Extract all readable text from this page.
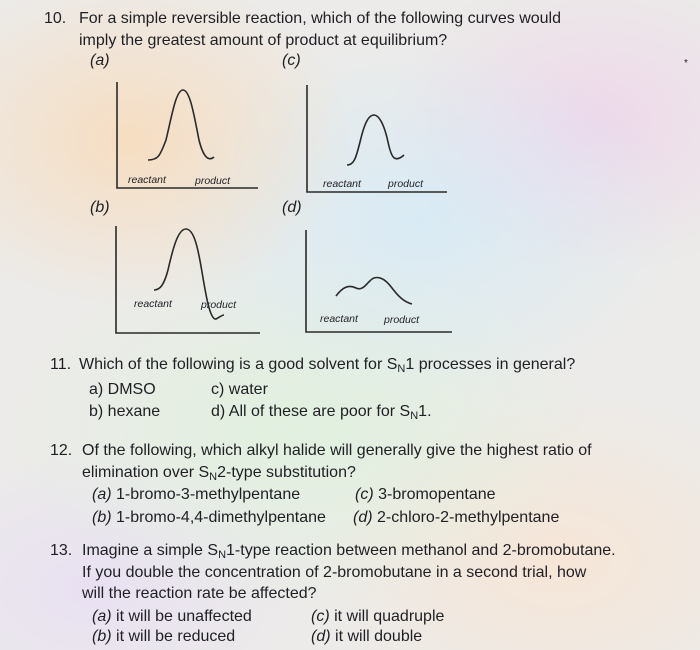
10. For a simple reversible reaction, which of the following curves would
imply the greatest amount of product at equilibrium?
*
(a)	(c)
(b)	(d)
reactant	product	reactant	product
reactant	product
reactant product
11. Which of the following is a good solvent for $S_N1$ processes in general?
a) DMSO	c) water
b) hexane	d) All of these are poor for $S_N1$.
12. Of the following, which alkyl halide will generally give the highest ratio of
elimination over $S_N2$-type substitution?
(a) 1-bromo-3-methylpentane	(c) 3-bromopentane
(b) 1-bromo-4,4-dimethylpentane (d) 2-chloro-2-methylpentane
13. Imagine a simple $S_N1$-type reaction between methanol and 2-bromobutane.
If you double the concentration of 2-bromobutane in a second trial, how
will the reaction rate be affected?
(a) it will be unaffected	(c) it will quadruple
(b) it will be reduced	(d) it will double
